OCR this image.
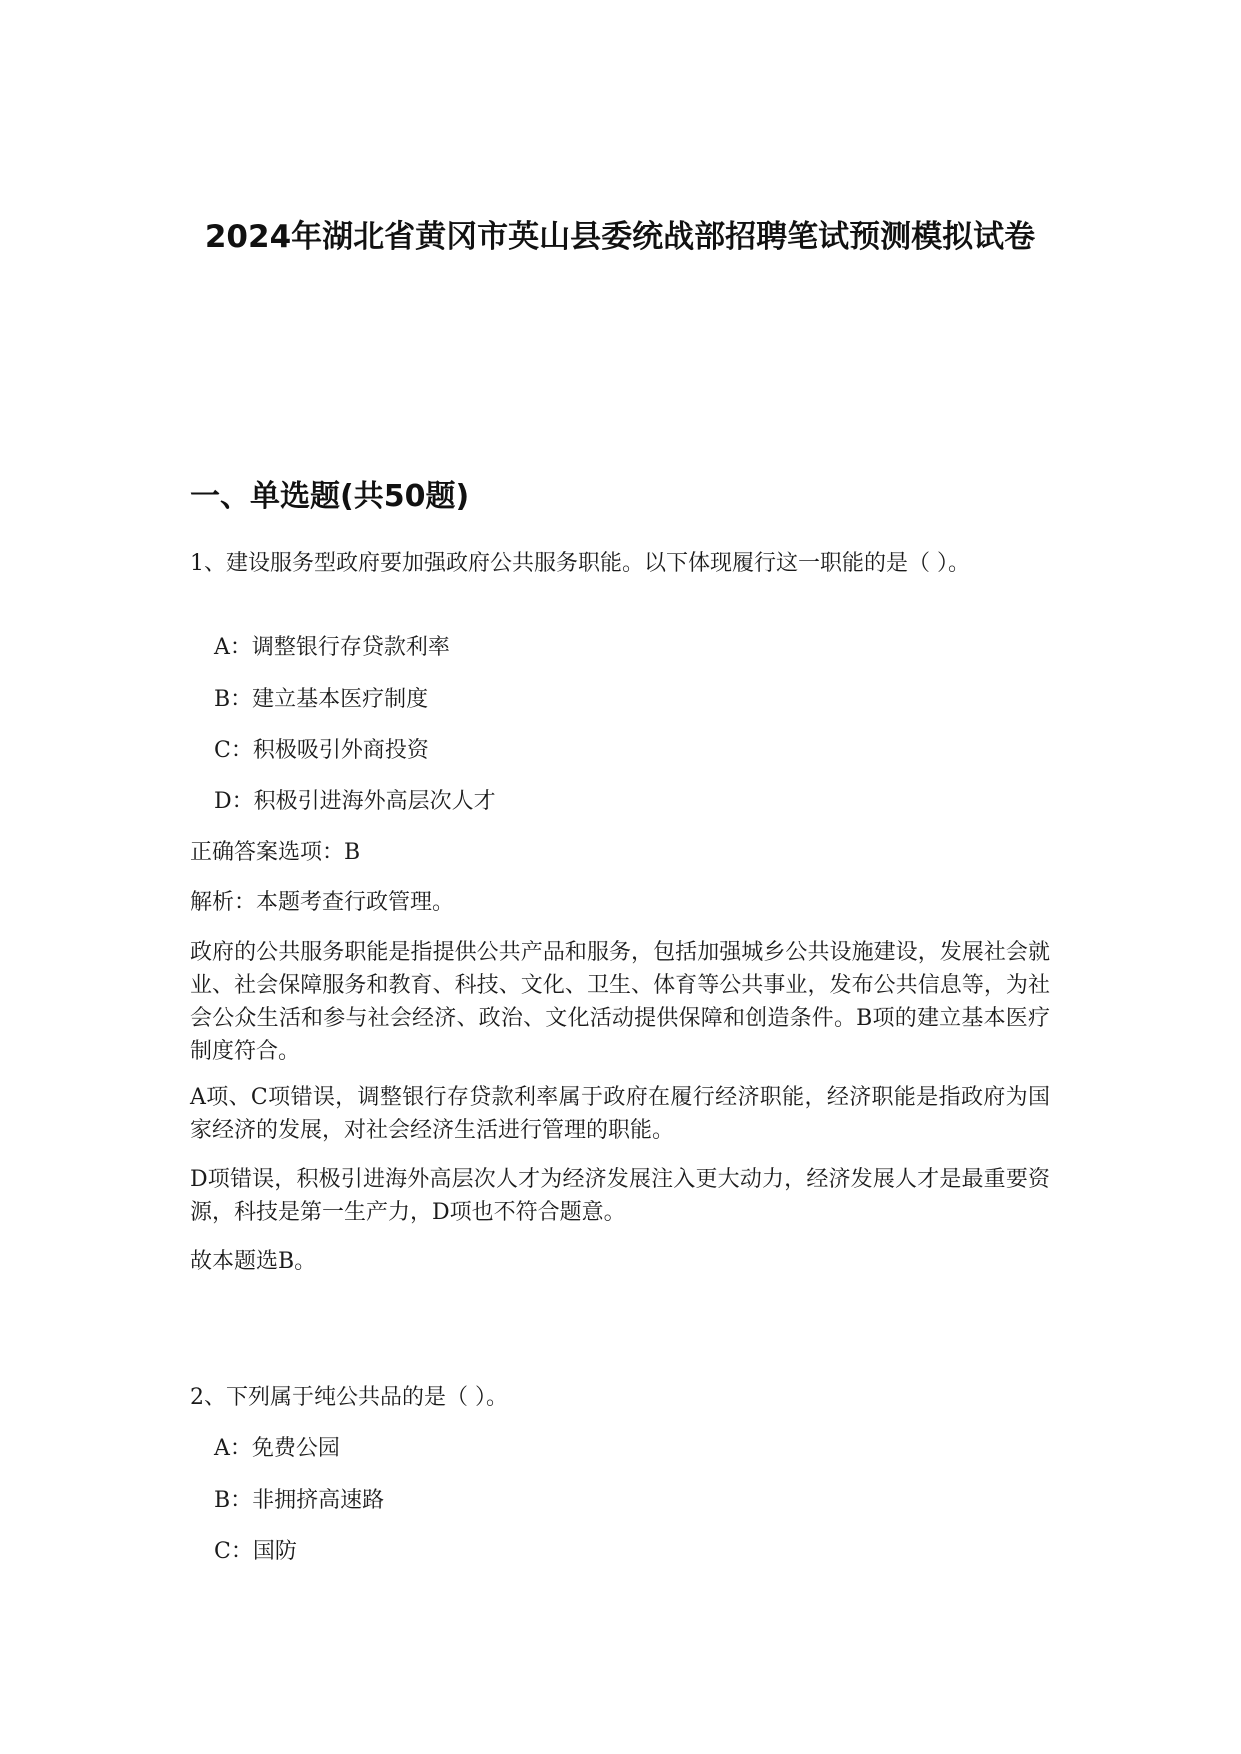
2024年湖北省黄冈市英山县委统战部招聘笔试预测模拟试卷
一、单选题(共50题)

1、建设服务型政府要加强政府公共服务职能。以下体现履行这一职能的是（ ）。

A：调整银行存贷款利率

B：建立基本医疗制度

C：积极吸引外商投资

D：积极引进海外高层次人才

正确答案选项：B

解析：本题考查行政管理。

政府的公共服务职能是指提供公共产品和服务，包括加强城乡公共设施建设，发展社会就业、社会保障服务和教育、科技、文化、卫生、体育等公共事业，发布公共信息等，为社会公众生活和参与社会经济、政治、文化活动提供保障和创造条件。B项的建立基本医疗制度符合。

A项、C项错误，调整银行存贷款利率属于政府在履行经济职能，经济职能是指政府为国家经济的发展，对社会经济生活进行管理的职能。

D项错误，积极引进海外高层次人才为经济发展注入更大动力，经济发展人才是最重要资源，科技是第一生产力，D项也不符合题意。

故本题选B。

2、下列属于纯公共品的是（ ）。

A：免费公园

B：非拥挤高速路

C：国防
